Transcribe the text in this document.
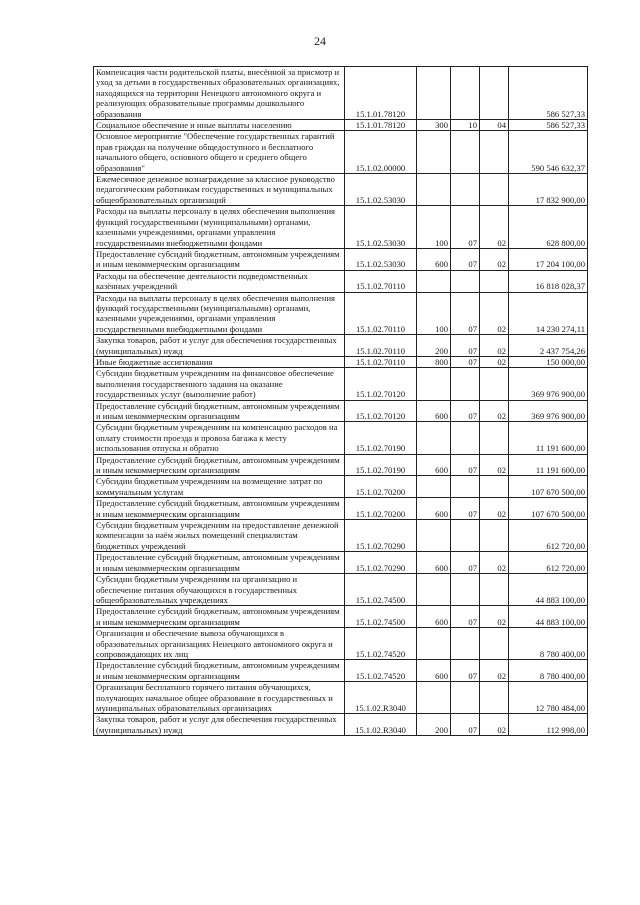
24
Компенсация части родительской платы, внесённой за присмотр и уход за детьми в государственных образовательных организациях, находящихся на территории Ненецкого автономного округа и реализующих образовательные программы дошкольного образования	15.1.01.78120				586 527,33
Социальное обеспечение и иные выплаты населению	15.1.01.78120	300	10	04	586 527,33
Основное мероприятие "Обеспечение государственных гарантий прав граждан на получение общедоступного и бесплатного начального общего, основного общего и среднего общего образования"	15.1.02.00000				590 546 632,37
Ежемесячное денежное вознаграждение за классное руководство педагогическим работникам государственных и муниципальных общеобразовательных организаций	15.1.02.53030				17 832 900,00
Расходы на выплаты персоналу в целях обеспечения выполнения функций государственными (муниципальными) органами, казенными учреждениями, органами управления государственными внебюджетными фондами	15.1.02.53030	100	07	02	628 800,00
Предоставление субсидий бюджетным, автономным учреждениям и иным некоммерческим организациям	15.1.02.53030	600	07	02	17 204 100,00
Расходы на обеспечение деятельности подведомственных казённых учреждений	15.1.02.70110				16 818 028,37
Расходы на выплаты персоналу в целях обеспечения выполнения функций государственными (муниципальными) органами, казенными учреждениями, органами управления государственными внебюджетными фондами	15.1.02.70110	100	07	02	14 230 274,11
Закупка товаров, работ и услуг для обеспечения государственных (муниципальных) нужд	15.1.02.70110	200	07	02	2 437 754,26
Иные бюджетные ассигнования	15.1.02.70110	800	07	02	150 000,00
Субсидии бюджетным учреждениям на финансовое обеспечение выполнения государственного задания на оказание государственных услуг (выполнение работ)	15.1.02.70120				369 976 900,00
Предоставление субсидий бюджетным, автономным учреждениям и иным некоммерческим организациям	15.1.02.70120	600	07	02	369 976 900,00
Субсидии бюджетным учреждениям на компенсацию расходов на оплату стоимости проезда и провоза багажа к месту использования отпуска и обратно	15.1.02.70190				11 191 600,00
Предоставление субсидий бюджетным, автономным учреждениям и иным некоммерческим организациям	15.1.02.70190	600	07	02	11 191 600,00
Субсидии бюджетным учреждениям на возмещение затрат по коммунальным услугам	15.1.02.70200				107 670 500,00
Предоставление субсидий бюджетным, автономным учреждениям и иным некоммерческим организациям	15.1.02.70200	600	07	02	107 670 500,00
Субсидии бюджетным учреждениям на предоставление денежной компенсации за наём жилых помещений специалистам бюджетных учреждений	15.1.02.70290				612 720,00
Предоставление субсидий бюджетным, автономным учреждениям и иным некоммерческим организациям	15.1.02.70290	600	07	02	612 720,00
Субсидии бюджетным учреждениям на организацию и обеспечение питания обучающихся в государственных общеобразовательных учреждениях	15.1.02.74500				44 883 100,00
Предоставление субсидий бюджетным, автономным учреждениям и иным некоммерческим организациям	15.1.02.74500	600	07	02	44 883 100,00
Организация и обеспечение вывоза обучающихся в образовательных организациях Ненецкого автономного округа и сопровождающих их лиц	15.1.02.74520				8 780 400,00
Предоставление субсидий бюджетным, автономным учреждениям и иным некоммерческим организациям	15.1.02.74520	600	07	02	8 780 400,00
Организация бесплатного горячего питания обучающихся, получающих начальное общее образование в государственных и муниципальных образовательных организациях	15.1.02.R3040				12 780 484,00
Закупка товаров, работ и услуг для обеспечения государственных (муниципальных) нужд	15.1.02.R3040	200	07	02	112 998,00
